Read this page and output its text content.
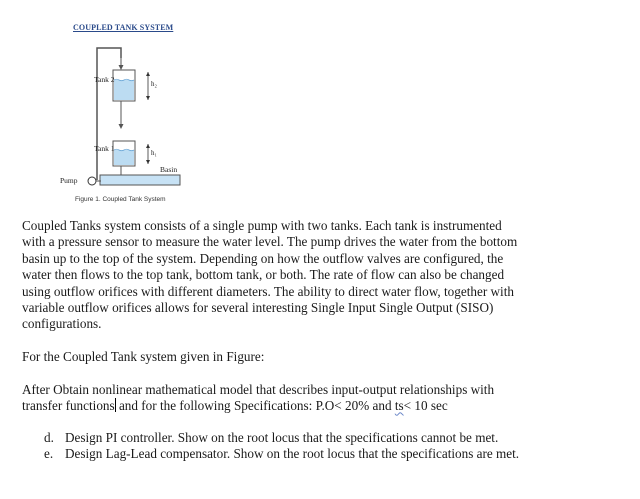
COUPLED TANK SYSTEM
Tank 2
Tank 1
h₂
h₁
Basin
Pump
Figure 1. Coupled Tank System
Coupled Tanks system consists of a single pump with two tanks. Each tank is instrumented
with a pressure sensor to measure the water level. The pump drives the water from the bottom
basin up to the top of the system. Depending on how the outflow valves are configured, the
water then flows to the top tank, bottom tank, or both. The rate of flow can also be changed
using outflow orifices with different diameters. The ability to direct water flow, together with
variable outflow orifices allows for several interesting Single Input Single Output (SISO)
configurations.
For the Coupled Tank system given in Figure:
After Obtain nonlinear mathematical model that describes input-output relationships with
transfer functions and for the following Specifications: P.O< 20% and ts< 10 sec
d. Design PI controller. Show on the root locus that the specifications cannot be met.
e. Design Lag-Lead compensator. Show on the root locus that the specifications are met.
